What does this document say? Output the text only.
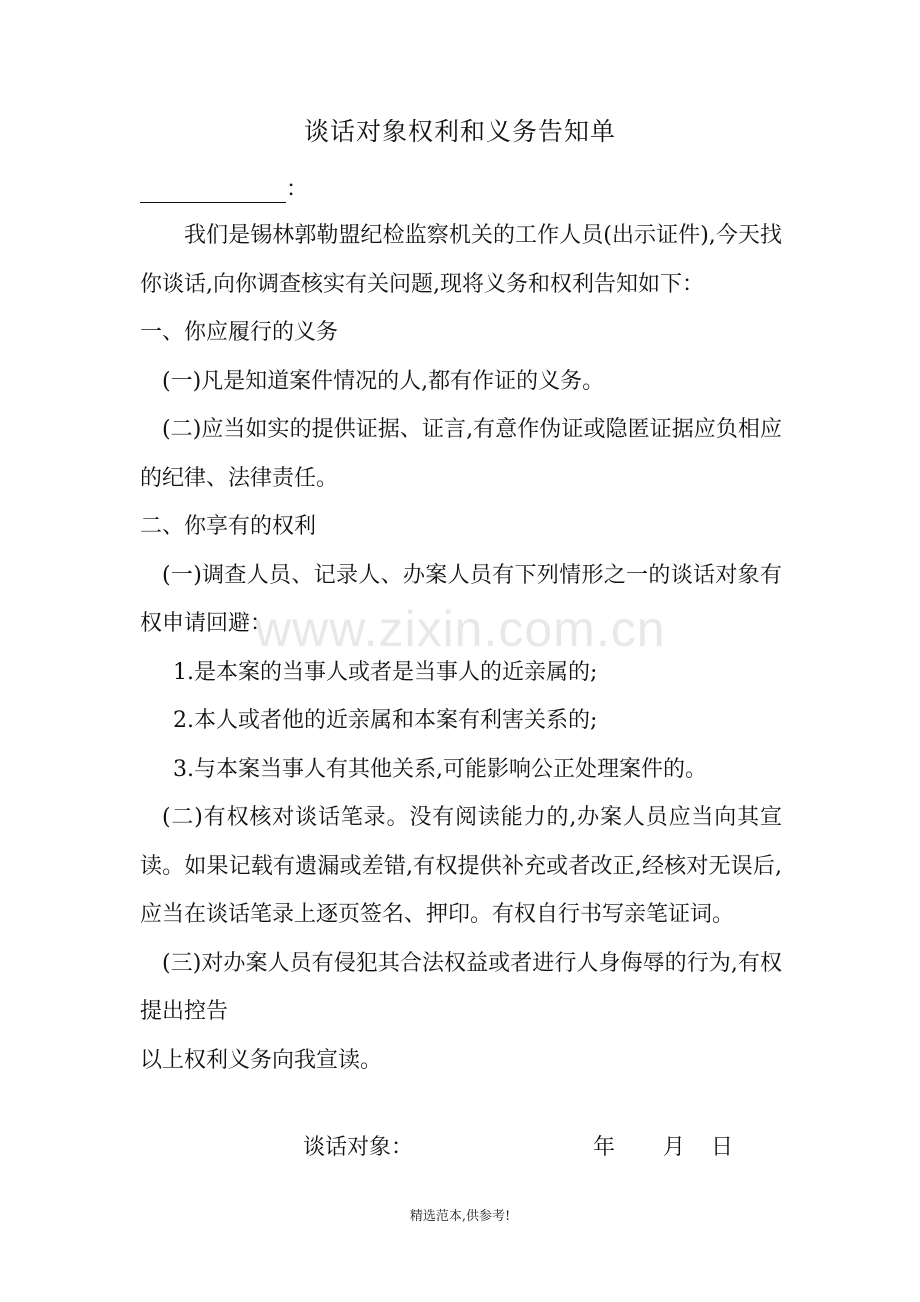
谈话对象权利和义务告知单
：

我们是锡林郭勒盟纪检监察机关的工作人员(出示证件),今天找你谈话,向你调查核实有关问题,现将义务和权利告知如下：

一、你应履行的义务

(一)凡是知道案件情况的人,都有作证的义务。

(二)应当如实的提供证据、证言,有意作伪证或隐匿证据应负相应的纪律、法律责任。

二、你享有的权利

(一)调查人员、记录人、办案人员有下列情形之一的谈话对象有权申请回避：

1.是本案的当事人或者是当事人的近亲属的;

2.本人或者他的近亲属和本案有利害关系的;

3.与本案当事人有其他关系,可能影响公正处理案件的。

(二)有权核对谈话笔录。没有阅读能力的,办案人员应当向其宣读。如果记载有遗漏或差错,有权提供补充或者改正,经核对无误后,应当在谈话笔录上逐页签名、押印。有权自行书写亲笔证词。

(三)对办案人员有侵犯其合法权益或者进行人身侮辱的行为,有权提出控告

以上权利义务向我宣读。

谈话对象：	年 月 日
www.zixin.com.cn
精选范本,供参考!
